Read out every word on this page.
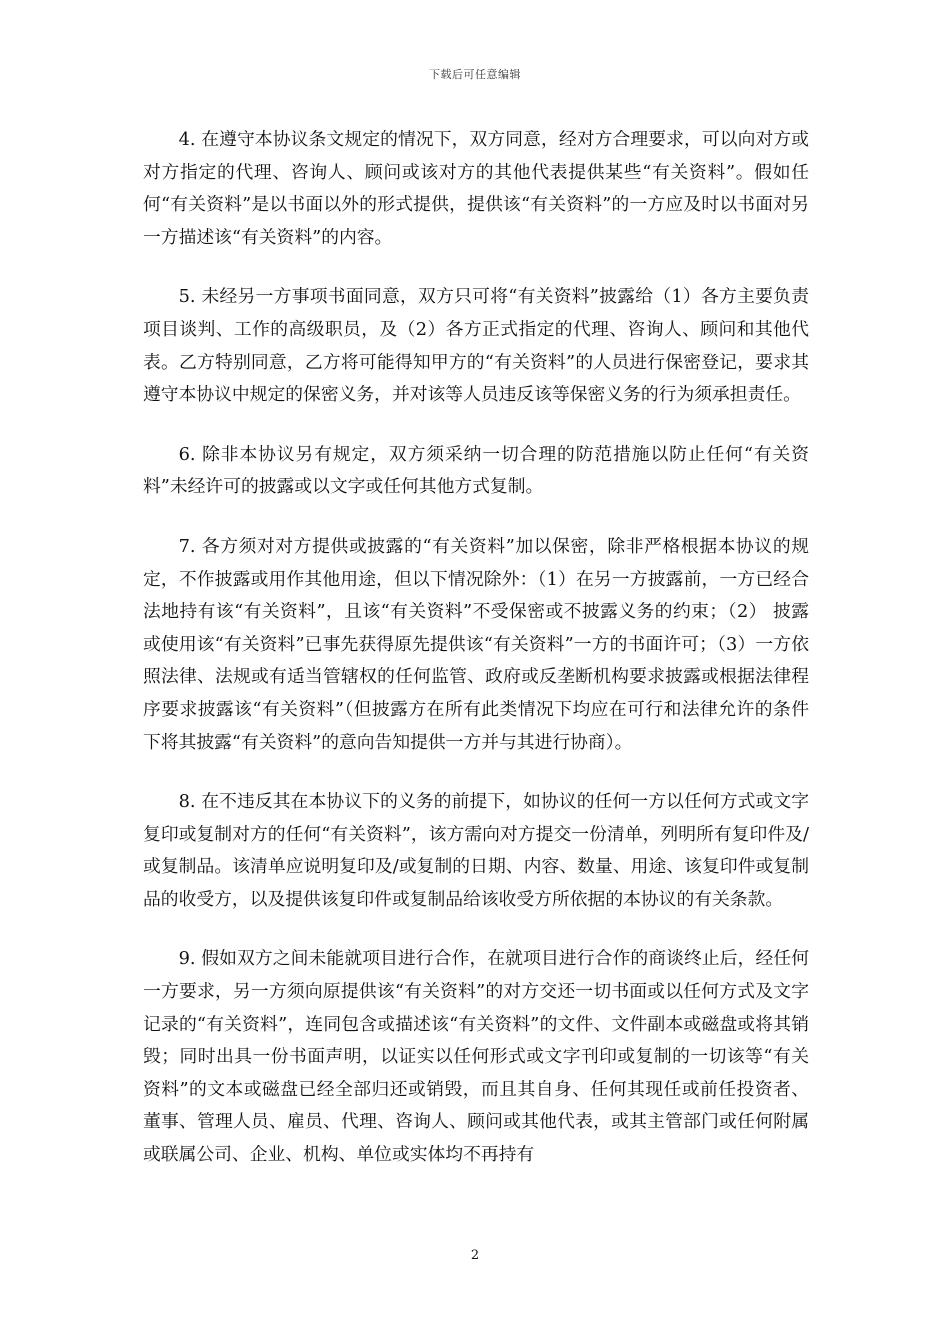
下载后可任意编辑

4. 在遵守本协议条文规定的情况下，双方同意，经对方合理要求，可以向对方或对方指定的代理、咨询人、顾问或该对方的其他代表提供某些“有关资料”。假如任何“有关资料”是以书面以外的形式提供，提供该“有关资料”的一方应及时以书面对另一方描述该“有关资料”的内容。

5. 未经另一方事项书面同意，双方只可将“有关资料”披露给（1）各方主要负责项目谈判、工作的高级职员，及（2）各方正式指定的代理、咨询人、顾问和其他代表。乙方特别同意，乙方将可能得知甲方的“有关资料”的人员进行保密登记，要求其遵守本协议中规定的保密义务，并对该等人员违反该等保密义务的行为须承担责任。

6. 除非本协议另有规定，双方须采纳一切合理的防范措施以防止任何“有关资料”未经许可的披露或以文字或任何其他方式复制。

7. 各方须对对方提供或披露的“有关资料”加以保密，除非严格根据本协议的规定，不作披露或用作其他用途，但以下情况除外：（1）在另一方披露前，一方已经合法地持有该“有关资料”，且该“有关资料”不受保密或不披露义务的约束；（2） 披露或使用该“有关资料”已事先获得原先提供该“有关资料”一方的书面许可；（3）一方依照法律、法规或有适当管辖权的任何监管、政府或反垄断机构要求披露或根据法律程序要求披露该“有关资料”（但披露方在所有此类情况下均应在可行和法律允许的条件下将其披露“有关资料”的意向告知提供一方并与其进行协商）。

8. 在不违反其在本协议下的义务的前提下，如协议的任何一方以任何方式或文字复印或复制对方的任何“有关资料”，该方需向对方提交一份清单，列明所有复印件及/或复制品。该清单应说明复印及/或复制的日期、内容、数量、用途、该复印件或复制品的收受方，以及提供该复印件或复制品给该收受方所依据的本协议的有关条款。

9. 假如双方之间未能就项目进行合作，在就项目进行合作的商谈终止后，经任何一方要求，另一方须向原提供该“有关资料”的对方交还一切书面或以任何方式及文字记录的“有关资料”，连同包含或描述该“有关资料”的文件、文件副本或磁盘或将其销毁；同时出具一份书面声明，以证实以任何形式或文字刊印或复制的一切该等“有关资料”的文本或磁盘已经全部归还或销毁，而且其自身、任何其现任或前任投资者、董事、管理人员、雇员、代理、咨询人、顾问或其他代表，或其主管部门或任何附属或联属公司、企业、机构、单位或实体均不再持有

2
